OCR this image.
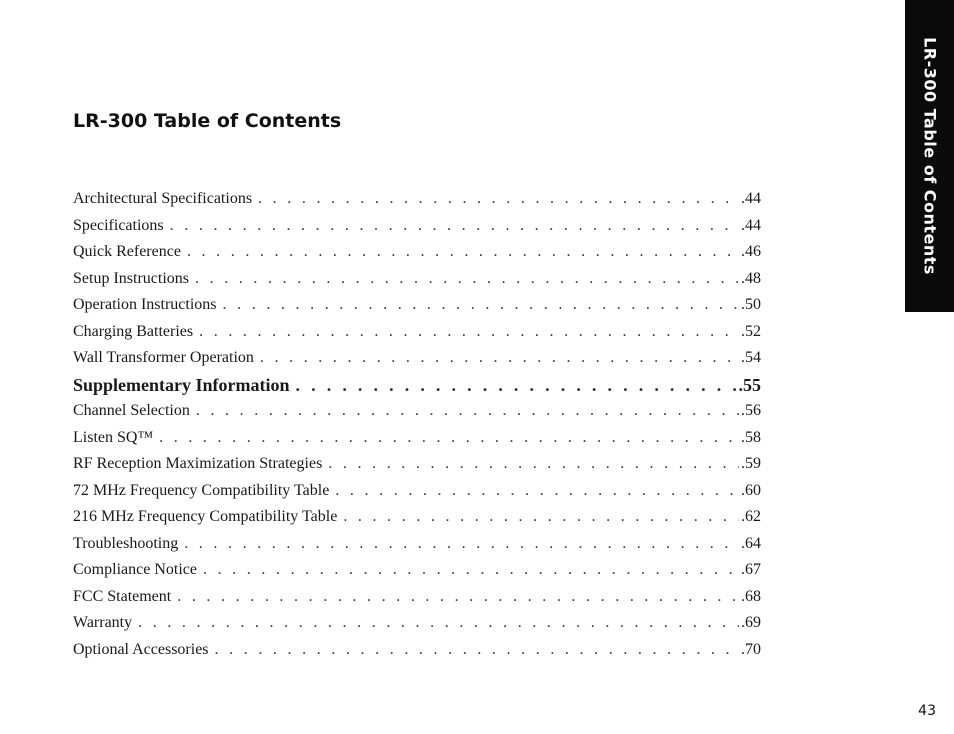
LR-300 Table of Contents
LR-300 Table of Contents
Architectural Specifications . . .	.44
Specifications . . .	.44
Quick Reference . . .	.46
Setup Instructions . . .	.48
Operation Instructions . . .	.50
Charging Batteries . . .	.52
Wall Transformer Operation . . .	.54
Supplementary Information . . .	.55
Channel Selection . . .	.56
Listen SQ™ . . .	.58
RF Reception Maximization Strategies . . .	.59
72 MHz Frequency Compatibility Table . . .	.60
216 MHz Frequency Compatibility Table . . .	.62
Troubleshooting . . .	.64
Compliance Notice . . .	.67
FCC Statement . . .	.68
Warranty . . .	.69
Optional Accessories . . .	.70
43
